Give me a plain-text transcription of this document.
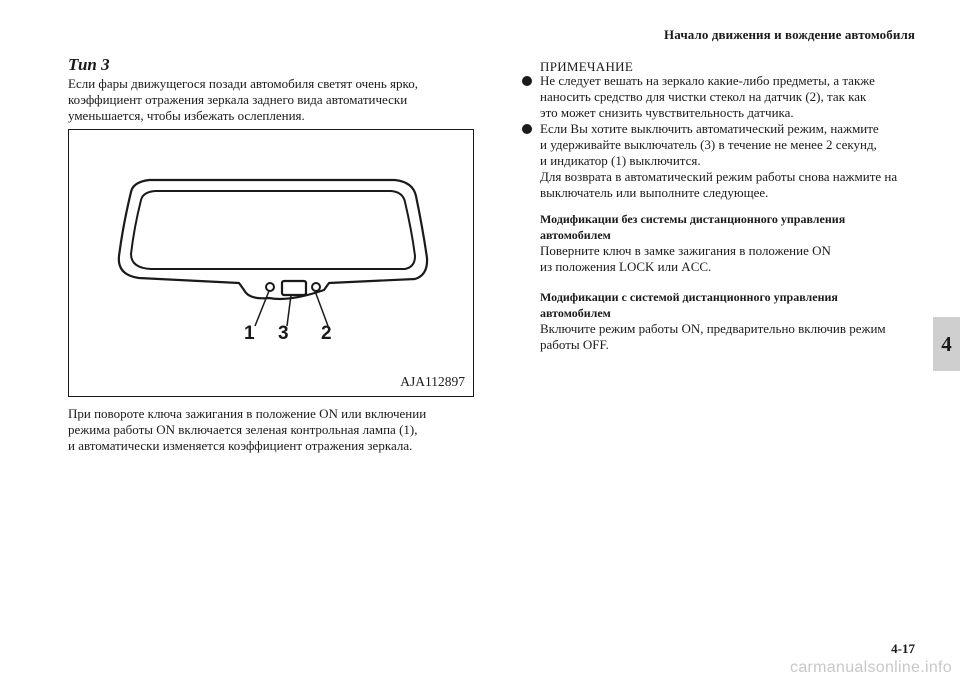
Начало движения и вождение автомобиля
Тип 3
Если фары движущегося позади автомобиля светят очень ярко,
коэффициент отражения зеркала заднего вида автоматически
уменьшается, чтобы избежать ослепления.
1 3 2
AJA112897
При повороте ключа зажигания в положение ON или включении
режима работы ON включается зеленая контрольная лампа (1),
и автоматически изменяется коэффициент отражения зеркала.
ПРИМЕЧАНИЕ
Не следует вешать на зеркало какие-либо предметы, а также
наносить средство для чистки стекол на датчик (2), так как
это может снизить чувствительность датчика.
Если Вы хотите выключить автоматический режим, нажмите
и удерживайте выключатель (3) в течение не менее 2 секунд,
и индикатор (1) выключится.
Для возврата в автоматический режим работы снова нажмите на
выключатель или выполните следующее.
Модификации без системы дистанционного управления
автомобилем
Поверните ключ в замке зажигания в положение ON
из положения LOCK или ACC.
Модификации с системой дистанционного управления
автомобилем
Включите режим работы ON, предварительно включив режим
работы OFF.	4
4-17
carmanualsonline.info
